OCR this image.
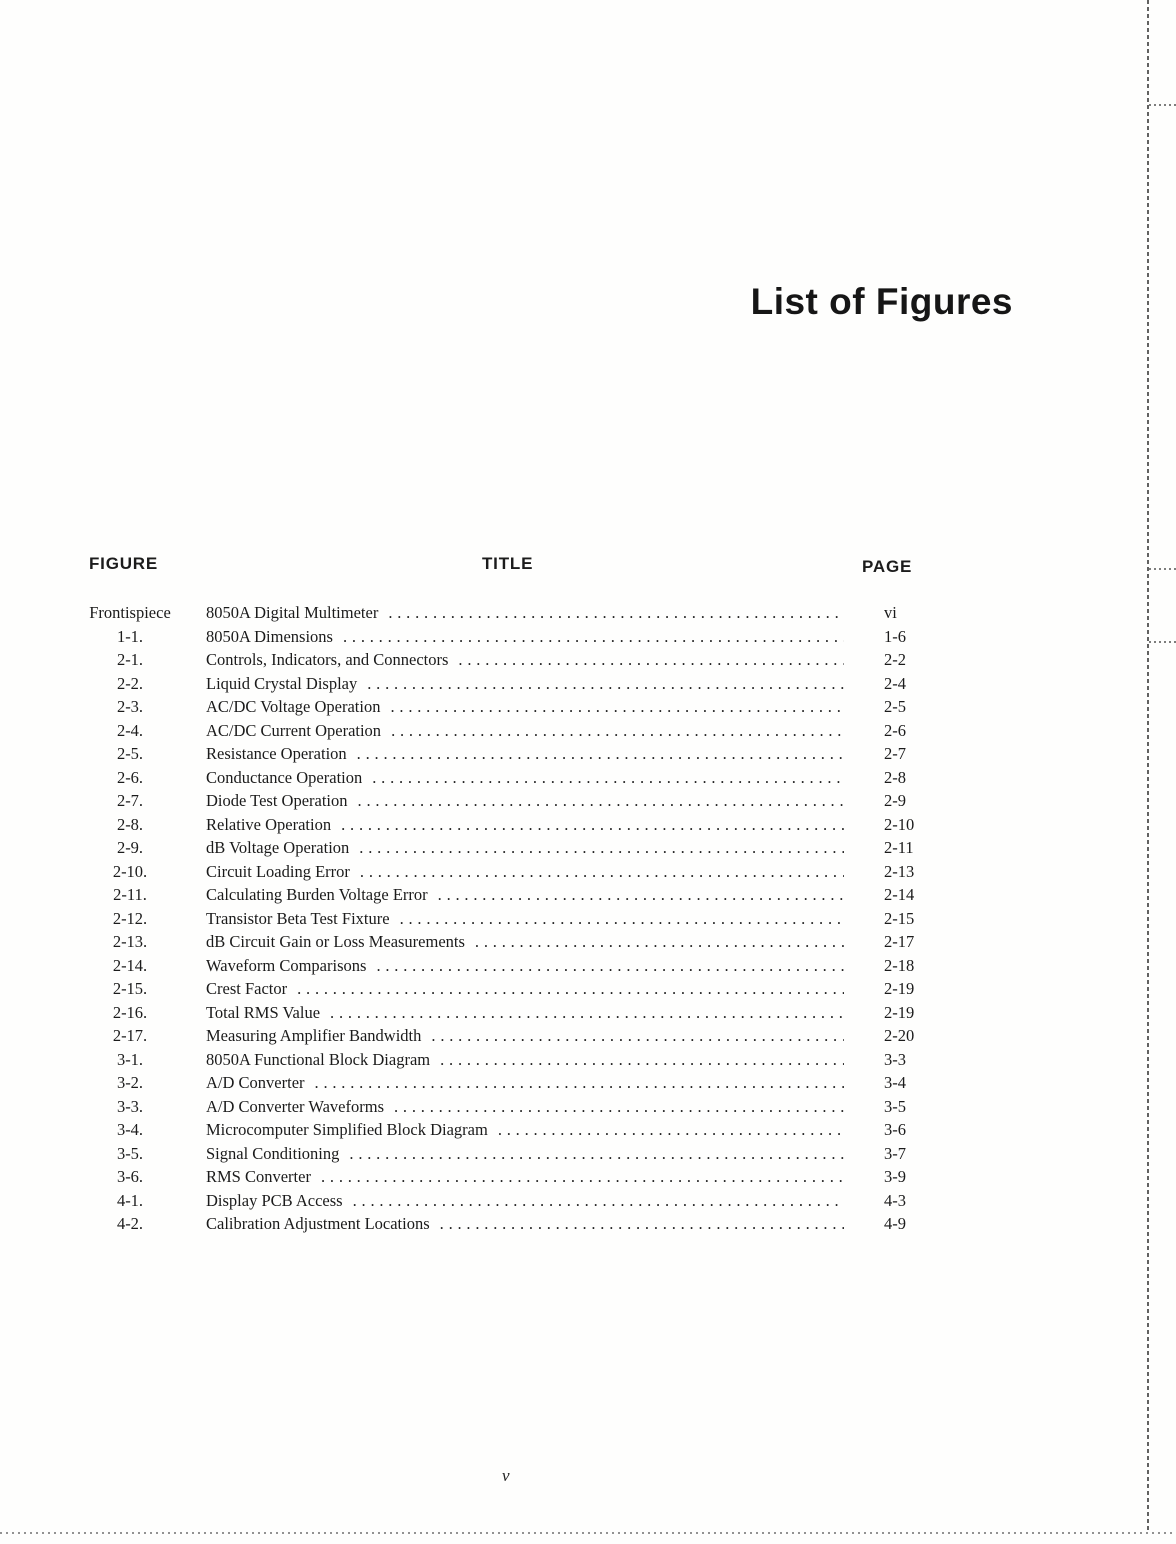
List of Figures
FIGURE	TITLE	PAGE
Frontispiece	8050A Digital Multimeter .....	vi
1-1.	8050A Dimensions .....	1-6
2-1.	Controls, Indicators, and Connectors .....	2-2
2-2.	Liquid Crystal Display .....	2-4
2-3.	AC/DC Voltage Operation .....	2-5
2-4.	AC/DC Current Operation .....	2-6
2-5.	Resistance Operation .....	2-7
2-6.	Conductance Operation .....	2-8
2-7.	Diode Test Operation .....	2-9
2-8.	Relative Operation .....	2-10
2-9.	dB Voltage Operation .....	2-11
2-10.	Circuit Loading Error .....	2-13
2-11.	Calculating Burden Voltage Error .....	2-14
2-12.	Transistor Beta Test Fixture .....	2-15
2-13.	dB Circuit Gain or Loss Measurements .....	2-17
2-14.	Waveform Comparisons .....	2-18
2-15.	Crest Factor .....	2-19
2-16.	Total RMS Value .....	2-19
2-17.	Measuring Amplifier Bandwidth .....	2-20
3-1.	8050A Functional Block Diagram .....	3-3
3-2.	A/D Converter .....	3-4
3-3.	A/D Converter Waveforms .....	3-5
3-4.	Microcomputer Simplified Block Diagram .....	3-6
3-5.	Signal Conditioning .....	3-7
3-6.	RMS Converter .....	3-9
4-1.	Display PCB Access .....	4-3
4-2.	Calibration Adjustment Locations .....	4-9
v
